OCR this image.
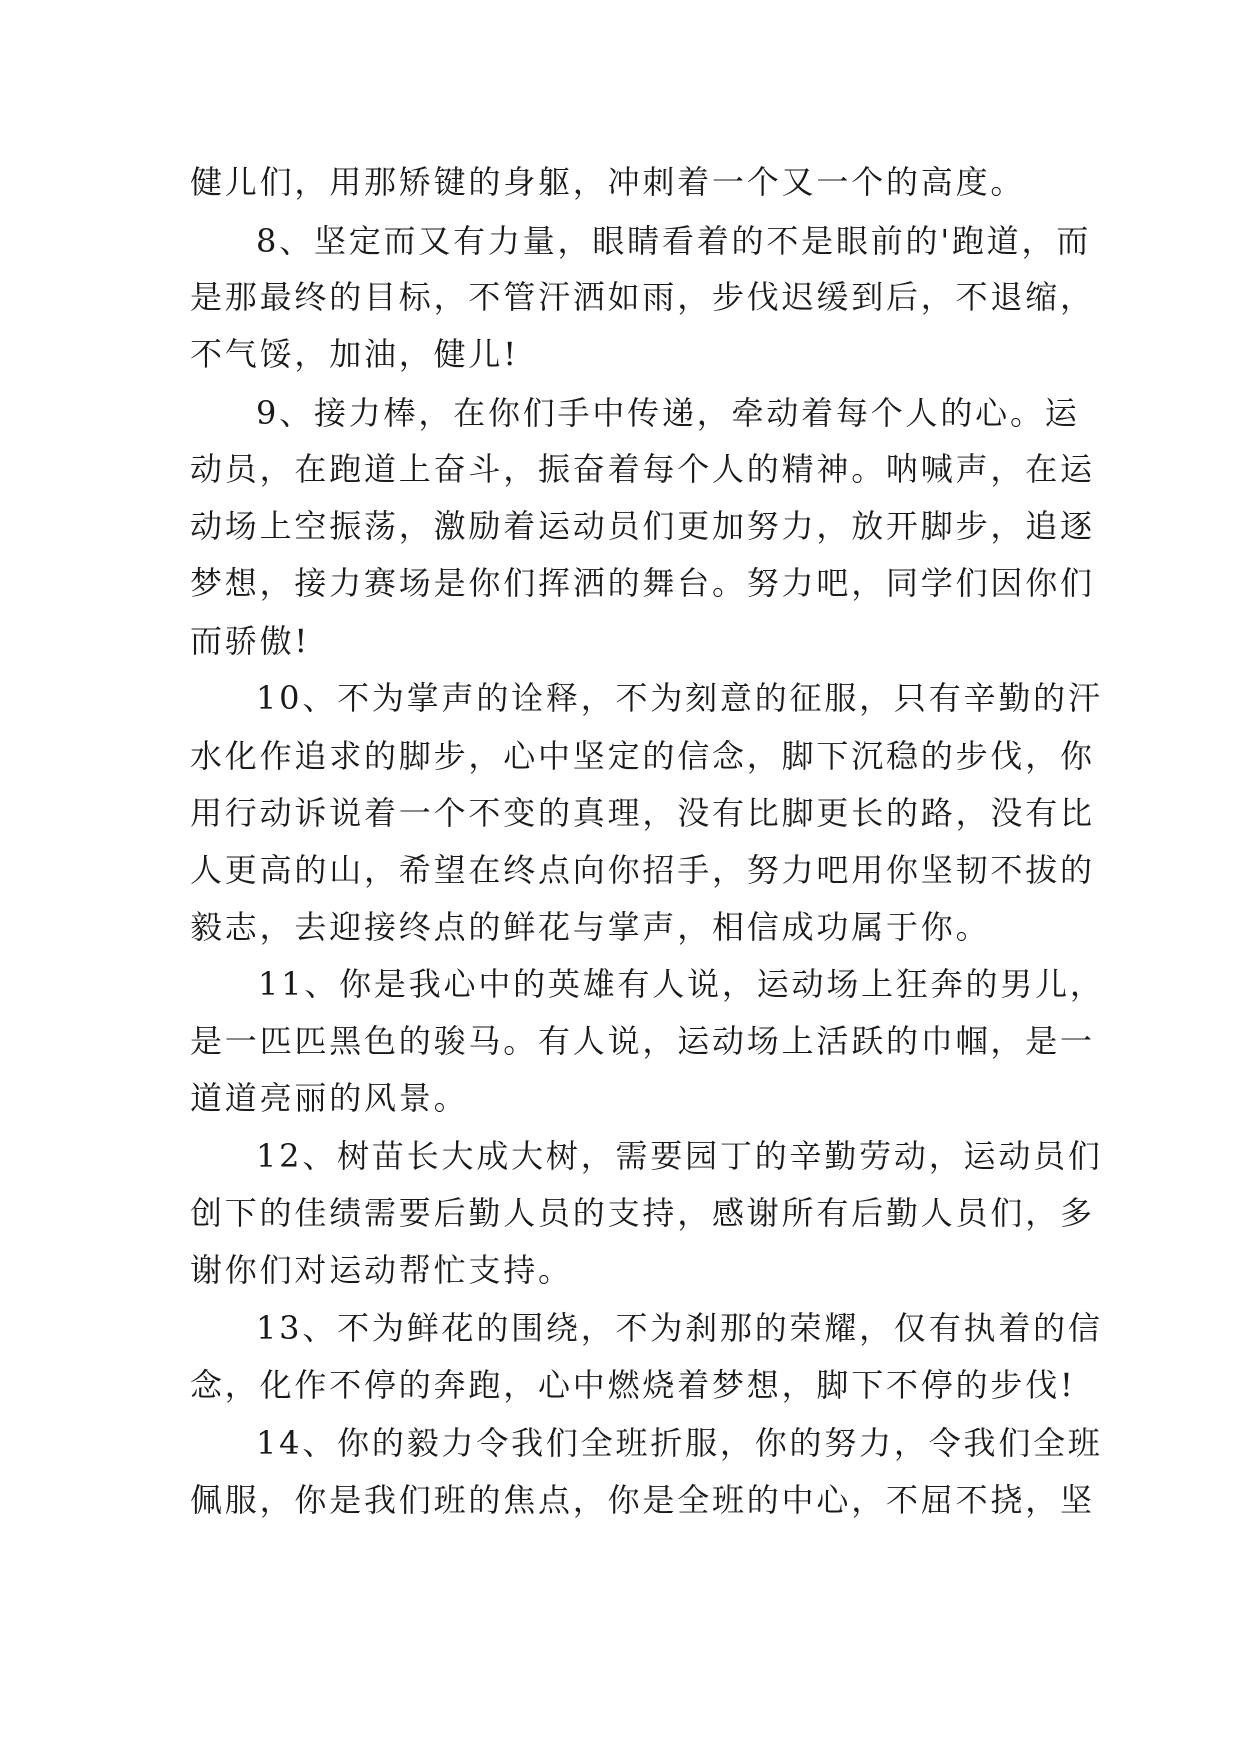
健儿们，用那矫键的身躯，冲刺着一个又一个的高度。
8、坚定而又有力量，眼睛看着的不是眼前的'跑道，而
是那最终的目标，不管汗洒如雨，步伐迟缓到后，不退缩，
不气馁，加油，健儿!
9、接力棒，在你们手中传递，牵动着每个人的心。运
动员，在跑道上奋斗，振奋着每个人的精神。呐喊声，在运
动场上空振荡，激励着运动员们更加努力，放开脚步，追逐
梦想，接力赛场是你们挥洒的舞台。努力吧，同学们因你们
而骄傲!
10、不为掌声的诠释，不为刻意的征服，只有辛勤的汗
水化作追求的脚步，心中坚定的信念，脚下沉稳的步伐，你
用行动诉说着一个不变的真理，没有比脚更长的路，没有比
人更高的山，希望在终点向你招手，努力吧用你坚韧不拔的
毅志，去迎接终点的鲜花与掌声，相信成功属于你。
11、你是我心中的英雄有人说，运动场上狂奔的男儿，
是一匹匹黑色的骏马。有人说，运动场上活跃的巾帼，是一
道道亮丽的风景。
12、树苗长大成大树，需要园丁的辛勤劳动，运动员们
创下的佳绩需要后勤人员的支持，感谢所有后勤人员们，多
谢你们对运动帮忙支持。
13、不为鲜花的围绕，不为刹那的荣耀，仅有执着的信
念，化作不停的奔跑，心中燃烧着梦想，脚下不停的步伐!
14、你的毅力令我们全班折服，你的努力，令我们全班
佩服，你是我们班的焦点，你是全班的中心，不屈不挠，坚
